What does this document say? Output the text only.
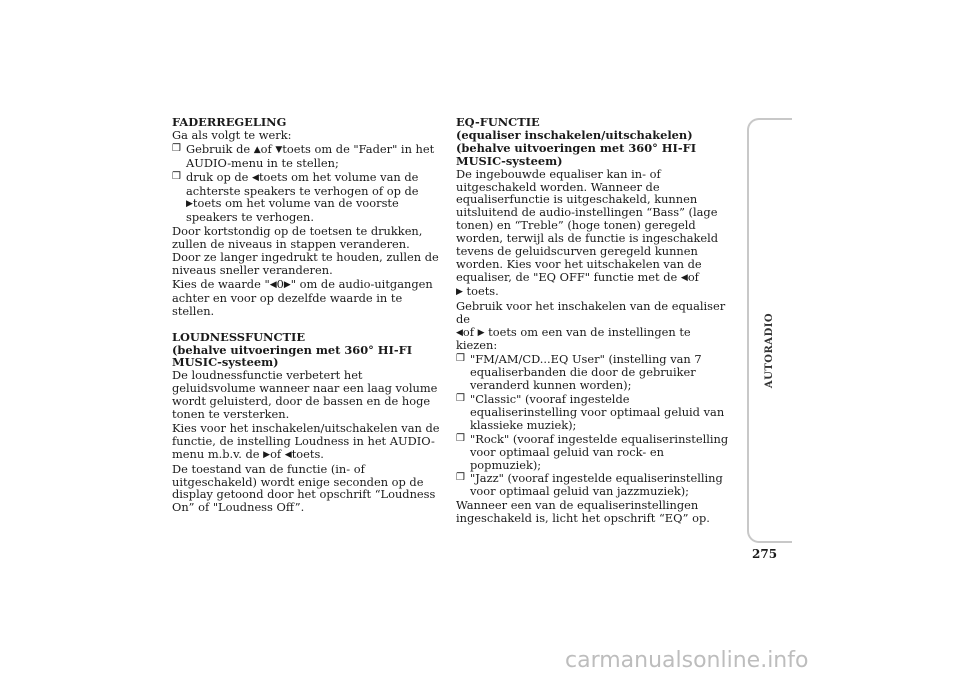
FADERREGELING
Ga als volgt te werk:
❒ Gebruik de ▲of ▼toets om de "Fader" in het AUDIO-menu in te stellen;
❒ druk op de ◀toets om het volume van de achterste speakers te verhogen of op de ▶toets om het volume van de voorste speakers te verhogen.
Door kortstondig op de toetsen te drukken, zullen de niveaus in stappen veranderen. Door ze langer ingedrukt te houden, zullen de niveaus sneller veranderen.
Kies de waarde "◀0▶" om de audio-uitgangen achter en voor op dezelfde waarde in te stellen.
LOUDNESSFUNCTIE
(behalve uitvoeringen met 360° HI-FI MUSIC-systeem)
De loudnessfunctie verbetert het geluidsvolume wanneer naar een laag volume wordt geluisterd, door de bassen en de hoge tonen te versterken.
Kies voor het inschakelen/uitschakelen van de functie, de instelling Loudness in het AUDIO-menu m.b.v. de ▶of ◀toets.
De toestand van de functie (in- of uitgeschakeld) wordt enige seconden op de display getoond door het opschrift “Loudness On” of "Loudness Off”.
EQ-FUNCTIE
(equaliser inschakelen/uitschakelen)
(behalve uitvoeringen met 360° HI-FI MUSIC-systeem)
De ingebouwde equaliser kan in- of uitgeschakeld worden. Wanneer de equaliserfunctie is uitgeschakeld, kunnen uitsluitend de audio-instellingen “Bass” (lage tonen) en “Treble” (hoge tonen) geregeld worden, terwijl als de functie is ingeschakeld tevens de geluidscurven geregeld kunnen worden. Kies voor het uitschakelen van de equaliser, de "EQ OFF" functie met de ◀of
▶ toets.
Gebruik voor het inschakelen van de equaliser de
◀of ▶ toets om een van de instellingen te kiezen:
❒ "FM/AM/CD...EQ User" (instelling van 7 equaliserbanden die door de gebruiker veranderd kunnen worden);
❒ "Classic" (vooraf ingestelde equaliserinstelling voor optimaal geluid van klassieke muziek);
❒ "Rock" (vooraf ingestelde equaliserinstelling voor optimaal geluid van rock- en popmuziek);
❒ "Jazz" (vooraf ingestelde equaliserinstelling voor optimaal geluid van jazzmuziek);
Wanneer een van de equaliserinstellingen ingeschakeld is, licht het opschrift “EQ” op.
AUTORADIO
275
carmanualsonline.info
